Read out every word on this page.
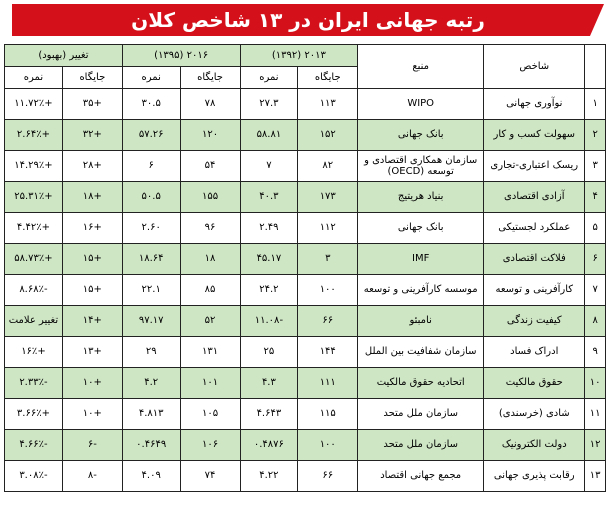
رتبه جهانی ایران در ۱۳ شاخص کلان
	شاخص	منبع	۲۰۱۳ (۱۳۹۲)		۲۰۱۶ (۱۳۹۵)		تغییر (بهبود)	
			جایگاه	نمره	جایگاه	نمره	جایگاه	نمره
۱	نوآوری جهانی	WIPO	۱۱۳	۲۷.۳	۷۸	۳۰.۵	+۳۵	+۱۱.۷۲٪
۲	سهولت کسب و کار	بانک جهانی	۱۵۲	۵۸.۸۱	۱۲۰	۵۷.۲۶	+۳۲	+۲.۶۴٪
۳	ریسک اعتباری-تجاری	سازمان همکاری اقتصادی و توسعه (OECD)	۸۲	۷	۵۴	۶	+۲۸	+۱۴.۲۹٪
۴	آزادی اقتصادی	بنیاد هریتیج	۱۷۳	۴۰.۳	۱۵۵	۵۰.۵	+۱۸	+۲۵.۳۱٪
۵	عملکرد لجستیکی	بانک جهانی	۱۱۲	۲.۴۹	۹۶	۲.۶۰	+۱۶	+۴.۴۲٪
۶	فلاکت اقتصادی	IMF	۳	۴۵.۱۷	۱۸	۱۸.۶۴	+۱۵	+۵۸.۷۳٪
۷	کارآفرینی و توسعه	موسسه کارآفرینی و توسعه	۱۰۰	۲۴.۲	۸۵	۲۲.۱	+۱۵	-۸.۶۸٪
۸	کیفیت زندگی	نامبئو	۶۶	-۱۱.۰۸	۵۲	۹۷.۱۷	+۱۴	تغییر علامت
۹	ادراک فساد	سازمان شفافیت بین الملل	۱۴۴	۲۵	۱۳۱	۲۹	+۱۳	+۱۶٪
۱۰	حقوق مالکیت	اتحادیه حقوق مالکیت	۱۱۱	۴.۳	۱۰۱	۴.۲	+۱۰	-۲.۳۳٪
۱۱	شادی (خرسندی)	سازمان ملل متحد	۱۱۵	۴.۶۴۳	۱۰۵	۴.۸۱۳	+۱۰	+۳.۶۶٪
۱۲	دولت الکترونیک	سازمان ملل متحد	۱۰۰	۰.۴۸۷۶	۱۰۶	۰.۴۶۴۹	-۶	-۴.۶۶٪
۱۳	رقابت پذیری جهانی	مجمع جهانی اقتصاد	۶۶	۴.۲۲	۷۴	۴.۰۹	-۸	-۳.۰۸٪
